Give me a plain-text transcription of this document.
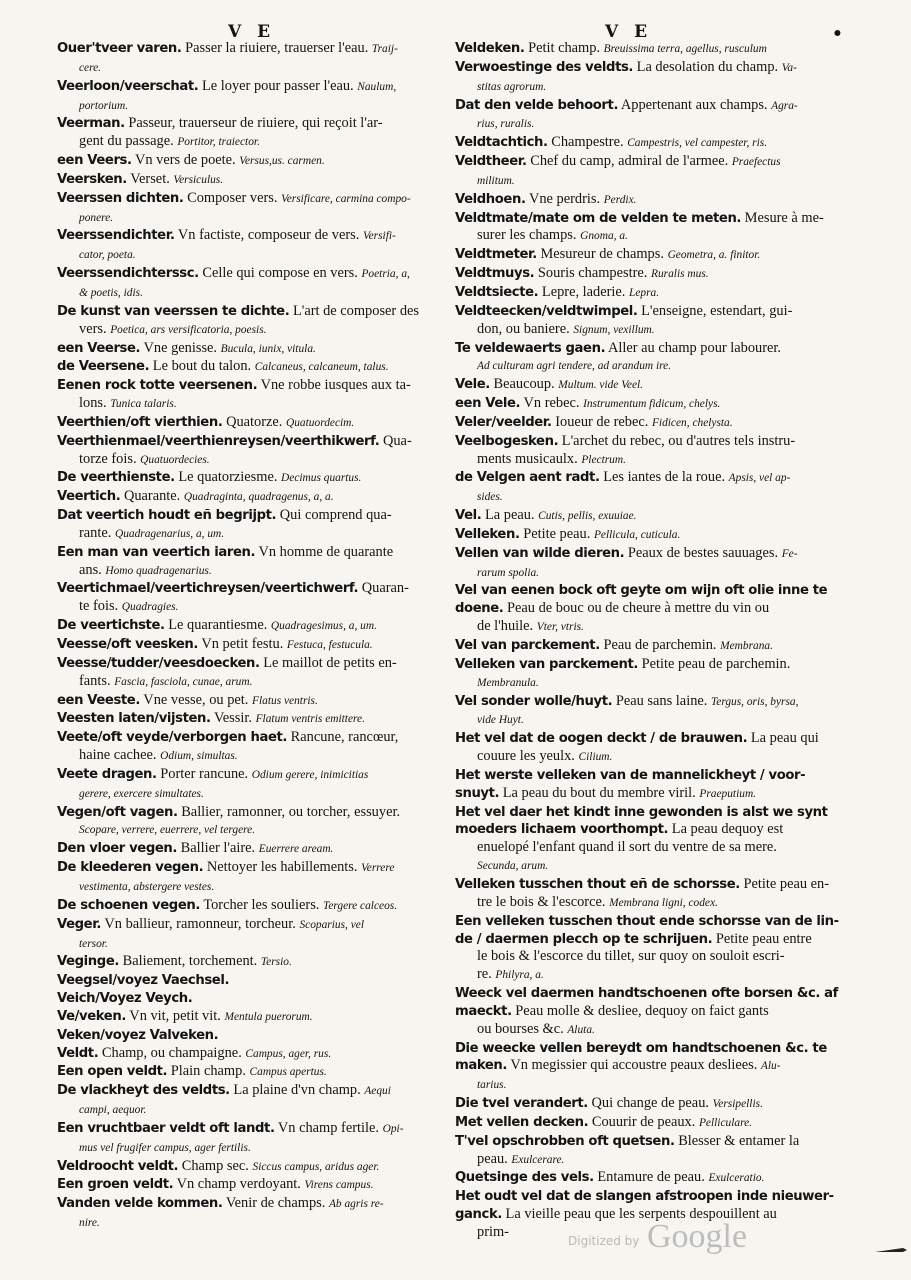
V E	V E	•
Ouer'tveer varen. Passer la riuiere, trauerser l'eau. Traij-
cere.
Veerloon/veerschat. Le loyer pour passer l'eau. Naulum,
portorium.
Veerman. Passeur, trauerseur de riuiere, qui reçoit l'ar-
gent du passage. Portitor, traiector.
een Veers. Vn vers de poete. Versus,us. carmen.
Veersken. Verset. Versiculus.
Veerssen dichten. Composer vers. Versificare, carmina compo-
ponere.
Veerssendichter. Vn factiste, composeur de vers. Versifi-
cator, poeta.
Veerssendichterssc. Celle qui compose en vers. Poetria, a,
& poetis, idis.
De kunst van veerssen te dichte. L'art de composer des
vers. Poetica, ars versificatoria, poesis.
een Veerse. Vne genisse. Bucula, iunix, vitula.
de Veersene. Le bout du talon. Calcaneus, calcaneum, talus.
Eenen rock totte veersenen. Vne robbe iusques aux ta-
lons. Tunica talaris.
Veerthien/oft vierthien. Quatorze. Quatuordecim.
Veerthienmael/veerthienreysen/veerthikwerf. Qua-
torze fois. Quatuordecies.
De veerthienste. Le quatorziesme. Decimus quartus.
Veertich. Quarante. Quadraginta, quadragenus, a, a.
Dat veertich houdt eñ begrijpt. Qui comprend qua-
rante. Quadragenarius, a, um.
Een man van veertich iaren. Vn homme de quarante
ans. Homo quadragenarius.
Veertichmael/veertichreysen/veertichwerf. Quaran-
te fois. Quadragies.
De veertichste. Le quarantiesme. Quadragesimus, a, um.
Veesse/oft veesken. Vn petit festu. Festuca, festucula.
Veesse/tudder/veesdoecken. Le maillot de petits en-
fants. Fascia, fasciola, cunae, arum.
een Veeste. Vne vesse, ou pet. Flatus ventris.
Veesten laten/vijsten. Vessir. Flatum ventris emittere.
Veete/oft veyde/verborgen haet. Rancune, rancœur,
haine cachee. Odium, simultas.
Veete dragen. Porter rancune. Odium gerere, inimicitias
gerere, exercere simultates.
Vegen/oft vagen. Ballier, ramonner, ou torcher, essuyer.
Scopare, verrere, euerrere, vel tergere.
Den vloer vegen. Ballier l'aire. Euerrere aream.
De kleederen vegen. Nettoyer les habillements. Verrere
vestimenta, abstergere vestes.
De schoenen vegen. Torcher les souliers. Tergere calceos.
Veger. Vn ballieur, ramonneur, torcheur. Scoparius, vel
tersor.
Veginge. Baliement, torchement. Tersio.
Veegsel/voyez Vaechsel.
Veich/Voyez Veych.
Ve/veken. Vn vit, petit vit. Mentula puerorum.
Veken/voyez Valveken.
Veldt. Champ, ou champaigne. Campus, ager, rus.
Een open veldt. Plain champ. Campus apertus.
De vlackheyt des veldts. La plaine d'vn champ. Aequi
campi, aequor.
Een vruchtbaer veldt oft landt. Vn champ fertile. Opi-
mus vel frugifer campus, ager fertilis.
Veldroocht veldt. Champ sec. Siccus campus, aridus ager.
Een groen veldt. Vn champ verdoyant. Virens campus.
Vanden velde kommen. Venir de champs. Ab agris re-
nire.
Veldeken. Petit champ. Breuissima terra, agellus, rusculum
Verwoestinge des veldts. La desolation du champ. Va-
stitas agrorum.
Dat den velde behoort. Appertenant aux champs. Agra-
rius, ruralis.
Veldtachtich. Champestre. Campestris, vel campester, ris.
Veldtheer. Chef du camp, admiral de l'armee. Praefectus
militum.
Veldhoen. Vne perdris. Perdix.
Veldtmate/mate om de velden te meten. Mesure à me-
surer les champs. Gnoma, a.
Veldtmeter. Mesureur de champs. Geometra, a. finitor.
Veldtmuys. Souris champestre. Ruralis mus.
Veldtsiecte. Lepre, laderie. Lepra.
Veldteecken/veldtwimpel. L'enseigne, estendart, gui-
don, ou baniere. Signum, vexillum.
Te veldewaerts gaen. Aller au champ pour labourer.
Ad culturam agri tendere, ad arandum ire.
Vele. Beaucoup. Multum. vide Veel.
een Vele. Vn rebec. Instrumentum fidicum, chelys.
Veler/veelder. Ioueur de rebec. Fidicen, chelysta.
Veelbogesken. L'archet du rebec, ou d'autres tels instru-
ments musicaulx. Plectrum.
de Velgen aent radt. Les iantes de la roue. Apsis, vel ap-
sides.
Vel. La peau. Cutis, pellis, exuuiae.
Velleken. Petite peau. Pellicula, cuticula.
Vellen van wilde dieren. Peaux de bestes sauuages. Fe-
rarum spolia.
Vel van eenen bock oft geyte om wijn oft olie inne te
doene. Peau de bouc ou de cheure à mettre du vin ou
de l'huile. Vter, vtris.
Vel van parckement. Peau de parchemin. Membrana.
Velleken van parckement. Petite peau de parchemin.
Membranula.
Vel sonder wolle/huyt. Peau sans laine. Tergus, oris, byrsa,
vide Huyt.
Het vel dat de oogen deckt / de brauwen. La peau qui
couure les yeulx. Cilium.
Het werste velleken van de mannelickheyt / voor-
snuyt. La peau du bout du membre viril. Praeputium.
Het vel daer het kindt inne gewonden is alst we synt
moeders lichaem voorthompt. La peau dequoy est
enuelopé l'enfant quand il sort du ventre de sa mere.
Secunda, arum.
Velleken tusschen thout eñ de schorsse. Petite peau en-
tre le bois & l'escorce. Membrana ligni, codex.
Een velleken tusschen thout ende schorsse van de lin-
de / daermen plecch op te schrijuen. Petite peau entre
le bois & l'escorce du tillet, sur quoy on souloit escri-
re. Philyra, a.
Weeck vel daermen handtschoenen ofte borsen &c. af
maeckt. Peau molle & desliee, dequoy on faict gants
ou bourses &c. Aluta.
Die weecke vellen bereydt om handtschoenen &c. te
maken. Vn megissier qui accoustre peaux desliees. Alu-
tarius.
Die tvel verandert. Qui change de peau. Versipellis.
Met vellen decken. Couurir de peaux. Pelliculare.
T'vel opschrobben oft quetsen. Blesser & entamer la
peau. Exulcerare.
Quetsinge des vels. Entamure de peau. Exulceratio.
Het oudt vel dat de slangen afstroopen inde nieuwer-
ganck. La vieille peau que les serpents despouillent au
prim-
Digitized by Google
